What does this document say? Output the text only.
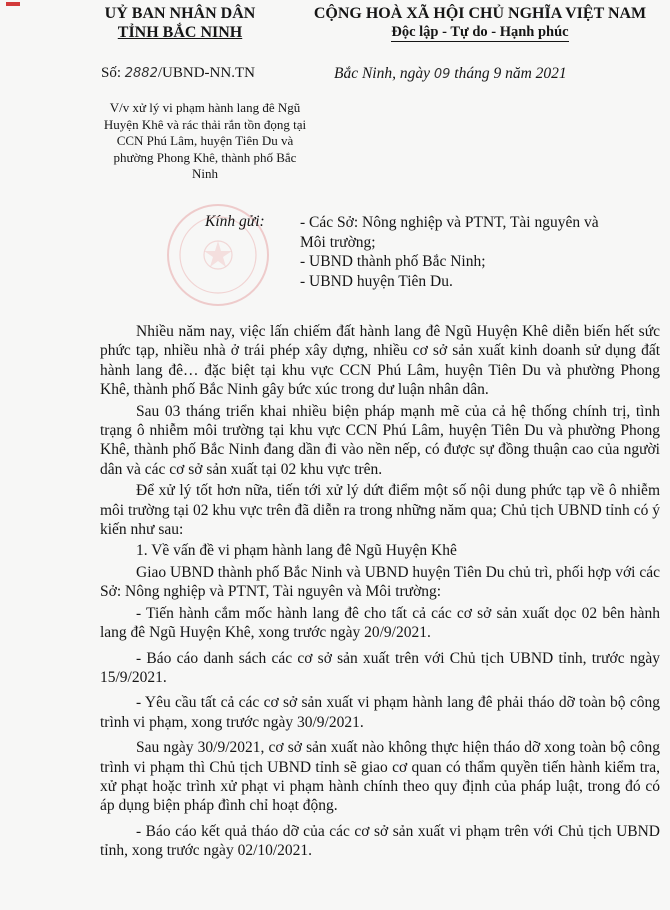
UỶ BAN NHÂN DÂN
TỈNH BẮC NINH
CỘNG HOÀ XÃ HỘI CHỦ NGHĨA VIỆT NAM
Độc lập - Tự do - Hạnh phúc
Số: 2882/UBND-NN.TN	Bắc Ninh, ngày 09 tháng 9 năm 2021
V/v xử lý vi phạm hành lang đê Ngũ Huyện Khê và rác thải rắn tồn đọng tại CCN Phú Lâm, huyện Tiên Du và phường Phong Khê, thành phố Bắc Ninh
Kính gửi: - Các Sở: Nông nghiệp và PTNT, Tài nguyên và
Môi trường;
- UBND thành phố Bắc Ninh;
- UBND huyện Tiên Du.

Nhiều năm nay, việc lấn chiếm đất hành lang đê Ngũ Huyện Khê diễn biến hết sức phức tạp, nhiều nhà ở trái phép xây dựng, nhiều cơ sở sản xuất kinh doanh sử dụng đất hành lang đê… đặc biệt tại khu vực CCN Phú Lâm, huyện Tiên Du và phường Phong Khê, thành phố Bắc Ninh gây bức xúc trong dư luận nhân dân.

Sau 03 tháng triển khai nhiều biện pháp mạnh mẽ của cả hệ thống chính trị, tình trạng ô nhiễm môi trường tại khu vực CCN Phú Lâm, huyện Tiên Du và phường Phong Khê, thành phố Bắc Ninh đang dần đi vào nền nếp, có được sự đồng thuận cao của người dân và các cơ sở sản xuất tại 02 khu vực trên.

Để xử lý tốt hơn nữa, tiến tới xử lý dứt điểm một số nội dung phức tạp về ô nhiễm môi trường tại 02 khu vực trên đã diễn ra trong những năm qua; Chủ tịch UBND tỉnh có ý kiến như sau:

1. Về vấn đề vi phạm hành lang đê Ngũ Huyện Khê

Giao UBND thành phố Bắc Ninh và UBND huyện Tiên Du chủ trì, phối hợp với các Sở: Nông nghiệp và PTNT, Tài nguyên và Môi trường:

- Tiến hành cắm mốc hành lang đê cho tất cả các cơ sở sản xuất dọc 02 bên hành lang đê Ngũ Huyện Khê, xong trước ngày 20/9/2021.

- Báo cáo danh sách các cơ sở sản xuất trên với Chủ tịch UBND tỉnh, trước ngày 15/9/2021.

- Yêu cầu tất cả các cơ sở sản xuất vi phạm hành lang đê phải tháo dỡ toàn bộ công trình vi phạm, xong trước ngày 30/9/2021.

Sau ngày 30/9/2021, cơ sở sản xuất nào không thực hiện tháo dỡ xong toàn bộ công trình vi phạm thì Chủ tịch UBND tỉnh sẽ giao cơ quan có thẩm quyền tiến hành kiểm tra, xử phạt hoặc trình xử phạt vi phạm hành chính theo quy định của pháp luật, trong đó có áp dụng biện pháp đình chỉ hoạt động.

- Báo cáo kết quả tháo dỡ của các cơ sở sản xuất vi phạm trên với Chủ tịch UBND tỉnh, xong trước ngày 02/10/2021.
